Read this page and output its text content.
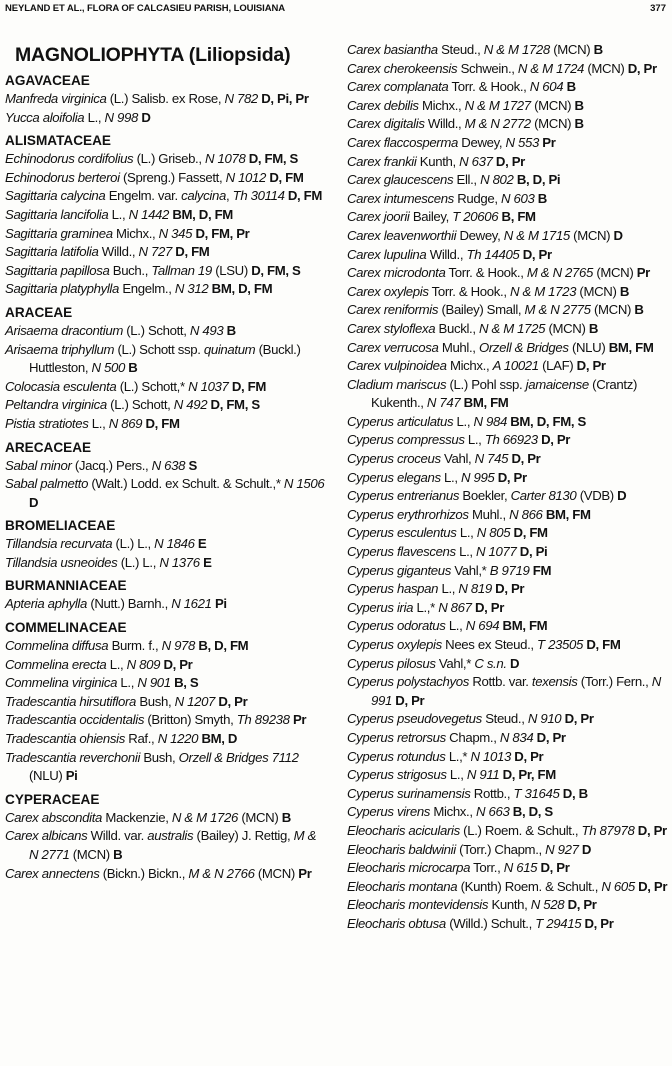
NEYLAND ET AL., FLORA OF CALCASIEU PARISH, LOUISIANA	377
MAGNOLIOPHYTA (Liliopsida)
AGAVACEAE
Manfreda virginica (L.) Salisb. ex Rose, N 782 D, Pi, Pr
Yucca aloifolia L., N 998 D
ALISMATACEAE
Echinodorus cordifolius (L.) Griseb., N 1078 D, FM, S
Echinodorus berteroi (Spreng.) Fassett, N 1012 D, FM
Sagittaria calycina Engelm. var. calycina, Th 30114 D, FM
Sagittaria lancifolia L., N 1442 BM, D, FM
Sagittaria graminea Michx., N 345 D, FM, Pr
Sagittaria latifolia Willd., N 727 D, FM
Sagittaria papillosa Buch., Tallman 19 (LSU) D, FM, S
Sagittaria platyphylla Engelm., N 312 BM, D, FM
ARACEAE
Arisaema dracontium (L.) Schott, N 493 B
Arisaema triphyllum (L.) Schott ssp. quinatum (Buckl.) Huttleston, N 500 B
Colocasia esculenta (L.) Schott,* N 1037 D, FM
Peltandra virginica (L.) Schott, N 492 D, FM, S
Pistia stratiotes L., N 869 D, FM
ARECACEAE
Sabal minor (Jacq.) Pers., N 638 S
Sabal palmetto (Walt.) Lodd. ex Schult. & Schult.,* N 1506 D
BROMELIACEAE
Tillandsia recurvata (L.) L., N 1846 E
Tillandsia usneoides (L.) L., N 1376 E
BURMANNIACEAE
Apteria aphylla (Nutt.) Barnh., N 1621 Pi
COMMELINACEAE
Commelina diffusa Burm. f., N 978 B, D, FM
Commelina erecta L., N 809 D, Pr
Commelina virginica L., N 901 B, S
Tradescantia hirsutiflora Bush, N 1207 D, Pr
Tradescantia occidentalis (Britton) Smyth, Th 89238 Pr
Tradescantia ohiensis Raf., N 1220 BM, D
Tradescantia reverchonii Bush, Orzell & Bridges 7112 (NLU) Pi
CYPERACEAE
Carex abscondita Mackenzie, N & M 1726 (MCN) B
Carex albicans Willd. var. australis (Bailey) J. Rettig, M & N 2771 (MCN) B
Carex annectens (Bickn.) Bickn., M & N 2766 (MCN) Pr
Carex basiantha Steud., N & M 1728 (MCN) B
Carex cherokeensis Schwein., N & M 1724 (MCN) D, Pr
Carex complanata Torr. & Hook., N 604 B
Carex debilis Michx., N & M 1727 (MCN) B
Carex digitalis Willd., M & N 2772 (MCN) B
Carex flaccosperma Dewey, N 553 Pr
Carex frankii Kunth, N 637 D, Pr
Carex glaucescens Ell., N 802 B, D, Pi
Carex intumescens Rudge, N 603 B
Carex joorii Bailey, T 20606 B, FM
Carex leavenworthii Dewey, N & M 1715 (MCN) D
Carex lupulina Willd., Th 14405 D, Pr
Carex microdonta Torr. & Hook., M & N 2765 (MCN) Pr
Carex oxylepis Torr. & Hook., N & M 1723 (MCN) B
Carex reniformis (Bailey) Small, M & N 2775 (MCN) B
Carex styloflexa Buckl., N & M 1725 (MCN) B
Carex verrucosa Muhl., Orzell & Bridges (NLU) BM, FM
Carex vulpinoidea Michx., A 10021 (LAF) D, Pr
Cladium mariscus (L.) Pohl ssp. jamaicense (Crantz) Kukenth., N 747 BM, FM
Cyperus articulatus L., N 984 BM, D, FM, S
Cyperus compressus L., Th 66923 D, Pr
Cyperus croceus Vahl, N 745 D, Pr
Cyperus elegans L., N 995 D, Pr
Cyperus entrerianus Boekler, Carter 8130 (VDB) D
Cyperus erythrorhizos Muhl., N 866 BM, FM
Cyperus esculentus L., N 805 D, FM
Cyperus flavescens L., N 1077 D, Pi
Cyperus giganteus Vahl,* B 9719 FM
Cyperus haspan L., N 819 D, Pr
Cyperus iria L.,* N 867 D, Pr
Cyperus odoratus L., N 694 BM, FM
Cyperus oxylepis Nees ex Steud., T 23505 D, FM
Cyperus pilosus Vahl,* C s.n. D
Cyperus polystachyos Rottb. var. texensis (Torr.) Fern., N 991 D, Pr
Cyperus pseudovegetus Steud., N 910 D, Pr
Cyperus retrorsus Chapm., N 834 D, Pr
Cyperus rotundus L.,* N 1013 D, Pr
Cyperus strigosus L., N 911 D, Pr, FM
Cyperus surinamensis Rottb., T 31645 D, B
Cyperus virens Michx., N 663 B, D, S
Eleocharis acicularis (L.) Roem. & Schult., Th 87978 D, Pr
Eleocharis baldwinii (Torr.) Chapm., N 927 D
Eleocharis microcarpa Torr., N 615 D, Pr
Eleocharis montana (Kunth) Roem. & Schult., N 605 D, Pr
Eleocharis montevidensis Kunth, N 528 D, Pr
Eleocharis obtusa (Willd.) Schult., T 29415 D, Pr
